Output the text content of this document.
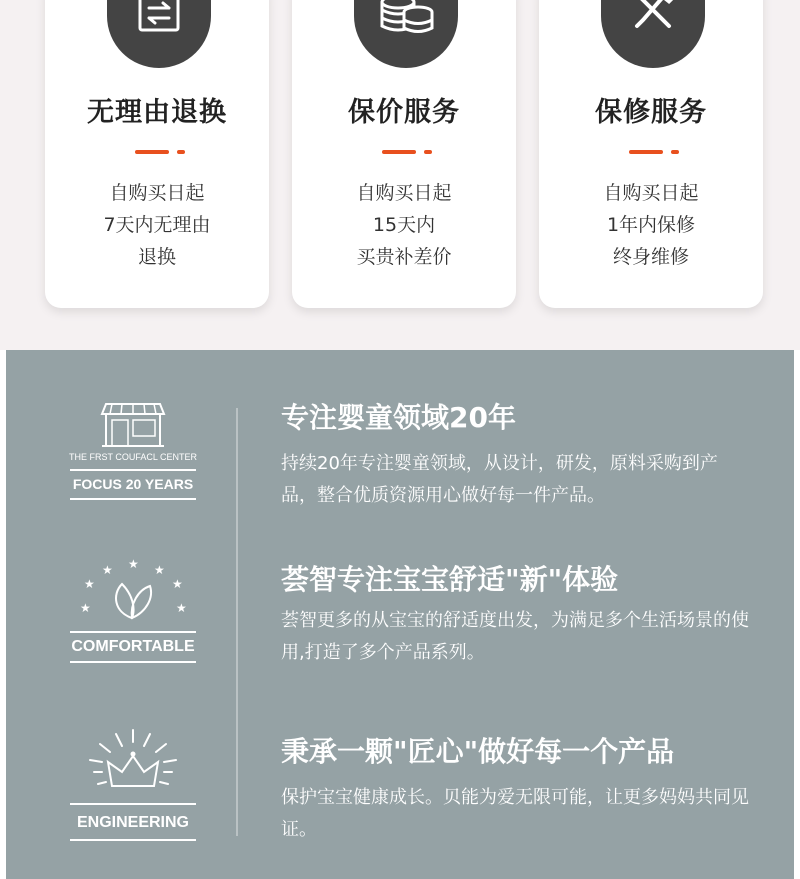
无理由退换
自购买日起
7天内无理由
退换
保价服务
自购买日起
15天内
买贵补差价
保修服务
自购买日起
1年内保修
终身维修
THE FRST COUFACL CENTER
FOCUS 20 YEARS
专注婴童领域20年
持续20年专注婴童领域，从设计，研发，原料采购到产品，整合优质资源用心做好每一件产品。
★
★ ★ ★
★
★	★
COMFORTABLE
荟智专注宝宝舒适"新"体验
荟智更多的从宝宝的舒适度出发，为满足多个生活场景的使用,打造了多个产品系列。
ENGINEERING
秉承一颗"匠心"做好每一个产品
保护宝宝健康成长。贝能为爱无限可能，让更多妈妈共同见证。
